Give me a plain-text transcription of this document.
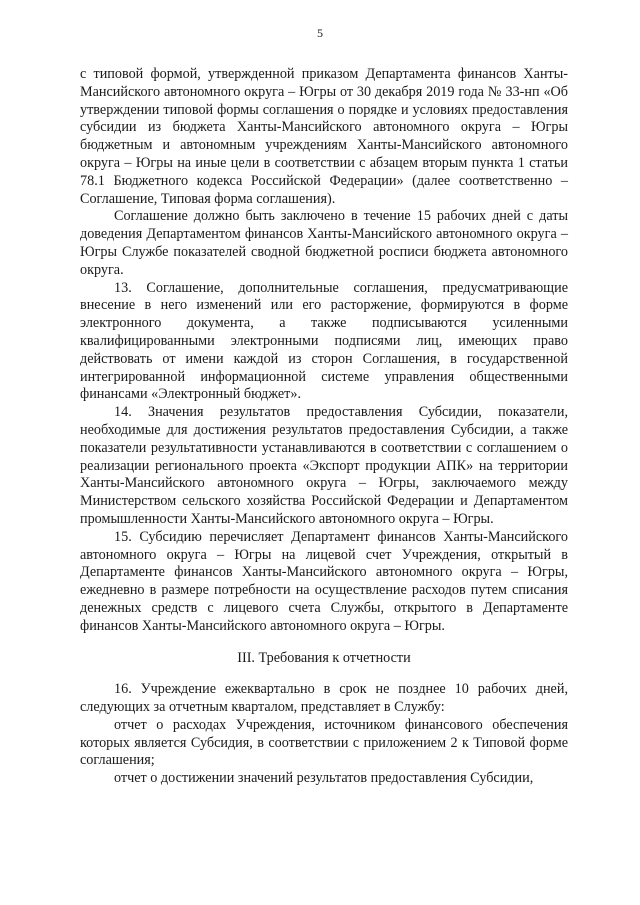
5

с типовой формой, утвержденной приказом Департамента финансов Ханты-Мансийского автономного округа – Югры от 30 декабря 2019 года № 33-нп «Об утверждении типовой формы соглашения о порядке и условиях предоставления субсидии из бюджета Ханты-Мансийского автономного округа – Югры бюджетным и автономным учреждениям Ханты-Мансийского автономного округа – Югры на иные цели в соответствии с абзацем вторым пункта 1 статьи 78.1 Бюджетного кодекса Российской Федерации» (далее соответственно – Соглашение, Типовая форма соглашения).

Соглашение должно быть заключено в течение 15 рабочих дней с даты доведения Департаментом финансов Ханты-Мансийского автономного округа – Югры Службе показателей сводной бюджетной росписи бюджета автономного округа.

13. Соглашение, дополнительные соглашения, предусматривающие внесение в него изменений или его расторжение, формируются в форме электронного документа, а также подписываются усиленными квалифицированными электронными подписями лиц, имеющих право действовать от имени каждой из сторон Соглашения, в государственной интегрированной информационной системе управления общественными финансами «Электронный бюджет».

14. Значения результатов предоставления Субсидии, показатели, необходимые для достижения результатов предоставления Субсидии, а также показатели результативности устанавливаются в соответствии с соглашением о реализации регионального проекта «Экспорт продукции АПК» на территории Ханты-Мансийского автономного округа – Югры, заключаемого между Министерством сельского хозяйства Российской Федерации и Департаментом промышленности Ханты-Мансийского автономного округа – Югры.

15. Субсидию перечисляет Департамент финансов Ханты-Мансийского автономного округа – Югры на лицевой счет Учреждения, открытый в Департаменте финансов Ханты-Мансийского автономного округа – Югры, ежедневно в размере потребности на осуществление расходов путем списания денежных средств с лицевого счета Службы, открытого в Департаменте финансов Ханты-Мансийского автономного округа – Югры.

III. Требования к отчетности

16. Учреждение ежеквартально в срок не позднее 10 рабочих дней, следующих за отчетным кварталом, представляет в Службу:

отчет о расходах Учреждения, источником финансового обеспечения которых является Субсидия, в соответствии с приложением 2 к Типовой форме соглашения;

отчет о достижении значений результатов предоставления Субсидии,
